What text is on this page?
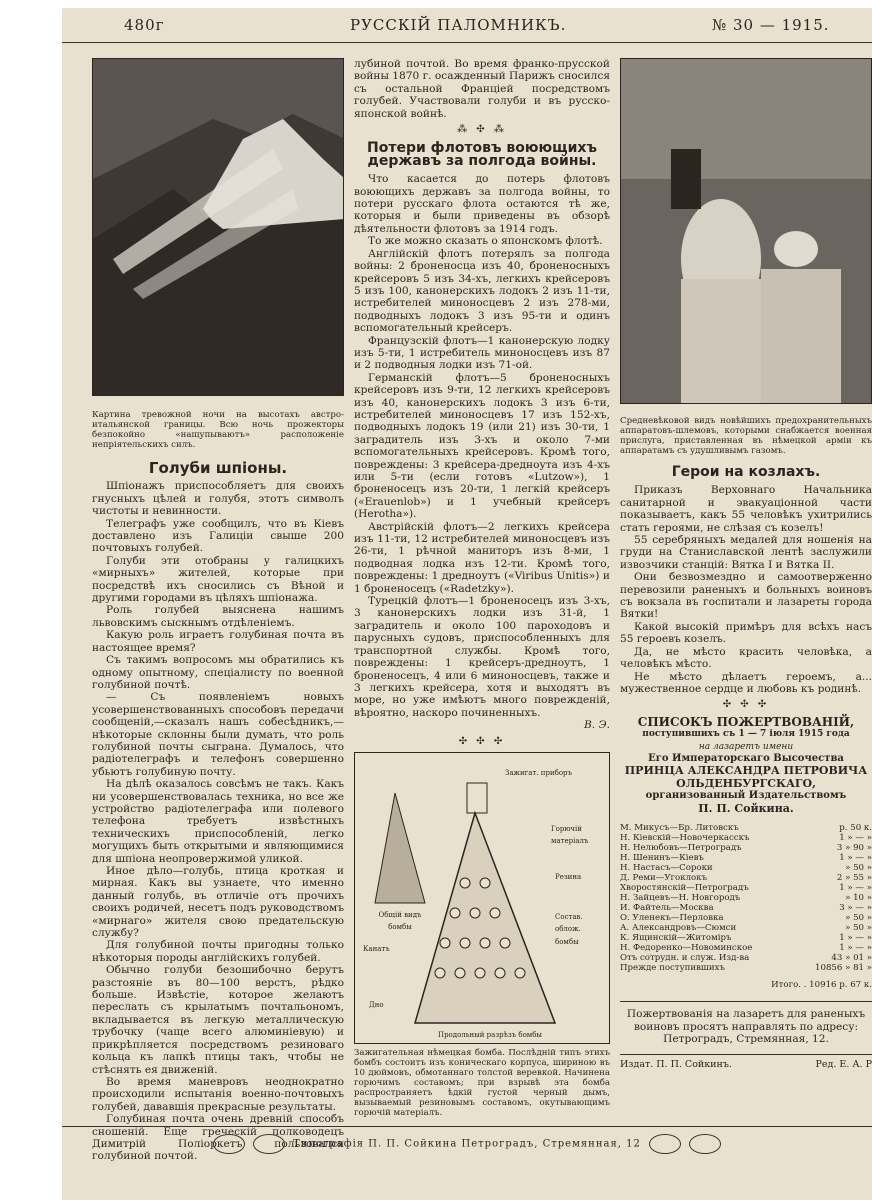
480г	РУССКІЙ ПАЛОМНИКЪ.	№ 30 — 1915.
Картина тревожной ночи на высотахъ австро-итальянской границы. Всю ночь прожекторы безпокойно «нащупываютъ» расположеніе непріятельскихъ силъ.
Голуби шпіоны.

Шпіонажъ приспособляетъ для своихъ гнусныхъ цѣлей и голубя, этотъ символъ чистоты и невинности.

Телеграфъ уже сообщилъ, что въ Кіевъ доставлено изъ Галиціи свыше 200 почтовыхъ голубей.

Голуби эти отобраны у галицкихъ «мирныхъ» жителей, которые при посредствѣ ихъ сносились съ Вѣной и другими городами въ цѣляхъ шпіонажа.

Роль голубей выяснена нашимъ львовскимъ сыскнымъ отдѣленіемъ.

Какую роль играетъ голубиная почта въ настоящее время?

Съ такимъ вопросомъ мы обратились къ одному опытному, спеціалисту по военной голубиной почтѣ.

— Съ появленіемъ новыхъ усовершенствованныхъ способовъ передачи сообщеній,—сказалъ нашъ собесѣдникъ,—нѣкоторые склонны были думать, что роль голубиной почты сыграна. Думалось, что радіотелеграфъ и телефонъ совершенно убьютъ голубиную почту.

На дѣлѣ оказалось совсѣмъ не такъ. Какъ ни усовершенствовалась техника, но все же устройство радіотелеграфа или полевого телефона требуетъ извѣстныхъ техническихъ приспособленій, легко могущихъ быть открытыми и являющимися для шпіона неопровержимой уликой.

Иное дѣло—голубь, птица кроткая и мирная. Какъ вы узнаете, что именно данный голубь, въ отличіе отъ прочихъ своихъ родичей, несетъ подъ руководствомъ «мирнаго» жителя свою предательскую службу?

Для голубиной почты пригодны только нѣкоторыя породы англійскихъ голубей.

Обычно голуби безошибочно берутъ разстояніе въ 80—100 верстъ, рѣдко больше. Извѣстіе, которое желаютъ переслать съ крылатымъ почтальономъ, вкладывается въ легкую металлическую трубочку (чаще всего алюминіевую) и прикрѣпляется посредствомъ резиноваго кольца къ лапкѣ птицы такъ, чтобы не стѣснять ея движеній.

Во время маневровъ неоднократно происходили испытанія военно-почтовыхъ голубей, дававшія прекрасные результаты.

Голубиная почта очень древній способъ сношеній. Еще греческій полководецъ Димитрій Поліоркетъ пользовался голубиной почтой.

лубиной почтой. Во время франко-прусской войны 1870 г. осажденный Парижъ сносился съ остальной Франціей посредствомъ голубей. Участвовали голуби и въ русско-японской войнѣ.

⁂ ✣ ⁂
Потери флотовъ воюющихъ державъ за полгода войны.

Что касается до потерь флотовъ воюющихъ державъ за полгода войны, то потери русскаго флота остаются тѣ же, которыя и были приведены въ обзорѣ дѣятельности флотовъ за 1914 годъ.

То же можно сказать о японскомъ флотѣ.

Англійскій флотъ потерялъ за полгода войны: 2 броненосца изъ 40, броненосныхъ крейсеровъ 5 изъ 34-хъ, легкихъ крейсеровъ 5 изъ 100, канонерскихъ лодокъ 2 изъ 11-ти, истребителей миноносцевъ 2 изъ 278-ми, подводныхъ лодокъ 3 изъ 95-ти и одинъ вспомогательный крейсеръ.

Французскій флотъ—1 канонерскую лодку изъ 5-ти, 1 истребитель миноносцевъ изъ 87 и 2 подводныя лодки изъ 71-ой.

Германскій флотъ—5 броненосныхъ крейсеровъ изъ 9-ти, 12 легкихъ крейсеровъ изъ 40, канонерскихъ лодокъ 3 изъ 6-ти, истребителей миноносцевъ 17 изъ 152-хъ, подводныхъ лодокъ 19 (или 21) изъ 30-ти, 1 заградитель изъ 3-хъ и около 7-ми вспомогательныхъ крейсеровъ. Кромѣ того, повреждены: 3 крейсера-дредноута изъ 4-хъ или 5-ти (если готовъ «Lutzow»), 1 броненосецъ изъ 20-ти, 1 легкій крейсеръ («Erauenlob») и 1 учебный крейсеръ (Herotha»).

Австрійскій флотъ—2 легкихъ крейсера изъ 11-ти, 12 истребителей миноносцевъ изъ 26-ти, 1 рѣчной маниторъ изъ 8-ми, 1 подводная лодка изъ 12-ти. Кромѣ того, повреждены: 1 дредноутъ («Viribus Unitis») и 1 броненосецъ («Radetzky»).

Турецкій флотъ—1 броненосецъ изъ 3-хъ, 3 канонерскихъ лодки изъ 31-й, 1 заградитель и около 100 пароходовъ и парусныхъ судовъ, приспособленныхъ для транспортной службы. Кромѣ того, повреждены: 1 крейсеръ-дредноутъ, 1 броненосецъ, 4 или 6 миноносцевъ, также и 3 легкихъ крейсера, хотя и выходятъ въ море, но уже имѣютъ много поврежденій, вѣроятно, наскоро починенныхъ.

В. Э.
✣ ✣ ✣
Зажигат. приборъ
Горючій матеріалъ
Резина
Состав. облож. бомбы
Канатъ
Дно
Общій видъ бомбы
Продольный разрѣзъ бомбы
Зажигательная нѣмецкая бомба. Послѣдній типъ этихъ бомбъ состоитъ изъ коническаго корпуса, шириною въ 10 дюймовъ, обмотаннаго толстой веревкой. Начинена горючимъ составомъ; при взрывѣ эта бомба распространяетъ ѣдкій густой черный дымъ, вызываемый резиновымъ составомъ, окутывающимъ горючій матеріалъ.
Средневѣковой видъ новѣйшихъ предохранительныхъ аппаратовъ-шлемовъ, которыми снабжается военная прислуга, приставленная въ нѣмецкой арміи къ аппаратамъ съ удушливымъ газомъ.
Герои на козлахъ.

Приказъ Верховнаго Начальника санитарной и эвакуаціонной части показываетъ, какъ 55 человѣкъ ухитрились стать героями, не слѣзая съ козелъ!

55 серебряныхъ медалей для ношенія на груди на Станиславской лентѣ заслужили извозчики станцій: Вятка I и Вятка II.

Они безвозмездно и самоотверженно перевозили раненыхъ и больныхъ воиновъ съ вокзала въ госпитали и лазареты города Вятки!

Какой высокій примѣръ для всѣхъ насъ 55 героевъ козелъ.

Да, не мѣсто красить человѣка, а человѣкъ мѣсто.

Не мѣсто дѣлаетъ героемъ, а... мужественное сердце и любовь къ родинѣ.

✣ ✣ ✣
СПИСОКЪ ПОЖЕРТВОВАНІЙ,
поступившихъ съ 1 — 7 іюля 1915 года
на лазаретъ имени
Его Императорскаго Высочества
ПРИНЦА АЛЕКСАНДРА ПЕТРОВИЧА ОЛЬДЕНБУРГСКАГО,
организованный Издательствомъ
П. П. Сойкина.
М. Микусъ—Бр. Литовскъ	р. 50 к.
Н. Кіевскій—Новочеркасскъ	1 » — »
Н. Нелюбовъ—Петроградъ	3 » 90 »
Н. Шенинъ—Кіевъ	1 » — »
Н. Настасъ—Сороки	» 50 »
Д. Реми—Угоклокъ	2 » 55 »
Хворостянскій—Петроградъ	1 » — »
Н. Зайцевъ—Н. Новгородъ	» 10 »
И. Файтель—Москва	3 » — »
О. Уленекъ—Перловка	» 50 »
А. Александровъ—Сюмси	» 50 »
К. Ящинскій—Житоміръ	1 » — »
Н. Федоренко—Новоминское	1 » — »
Отъ сотрудн. и служ. Изд-ва	43 » 01 »
Прежде поступившихъ	10856 » 81 »
Итого. . 10916 р. 67 к.

Пожертвованія на лазаретъ для раненыхъ воиновъ просятъ направлять по адресу: Петроградъ, Стремянная, 12.

Издат. П. П. Сойкинъ.	Ред. Е. А. Р
Типографія П. П. Сойкина Петроградъ, Стремянная, 12
